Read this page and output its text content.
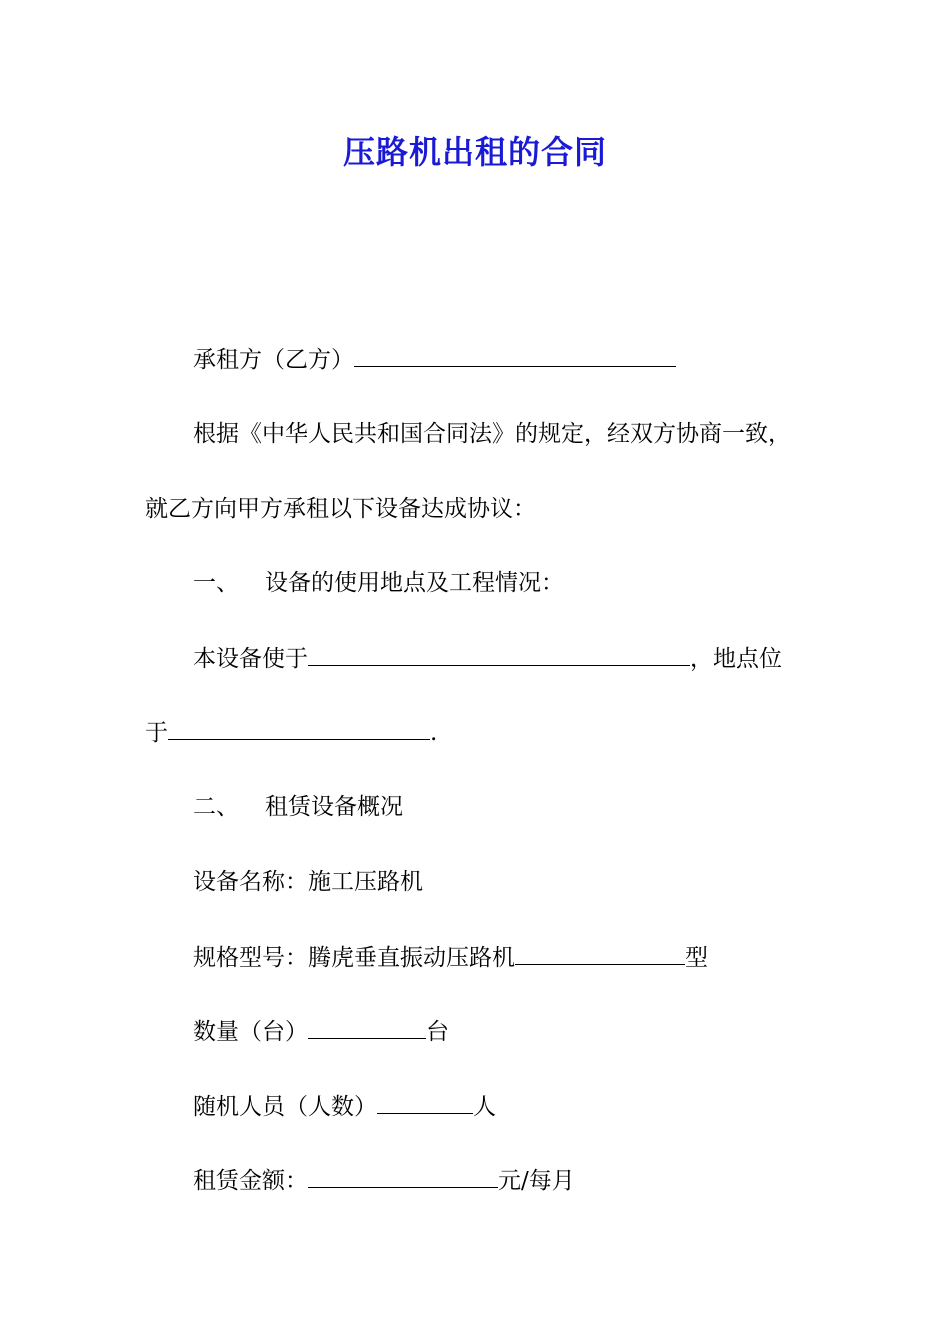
压路机出租的合同
承租方（乙方）
根据《中华人民共和国合同法》的规定，经双方协商一致，
就乙方向甲方承租以下设备达成协议：
一、 设备的使用地点及工程情况：
本设备使于	，地点位
于	.
二、 租赁设备概况
设备名称：施工压路机
规格型号：腾虎垂直振动压路机	型
数量（台）	台
随机人员（人数）	人
租赁金额：	元/每月
